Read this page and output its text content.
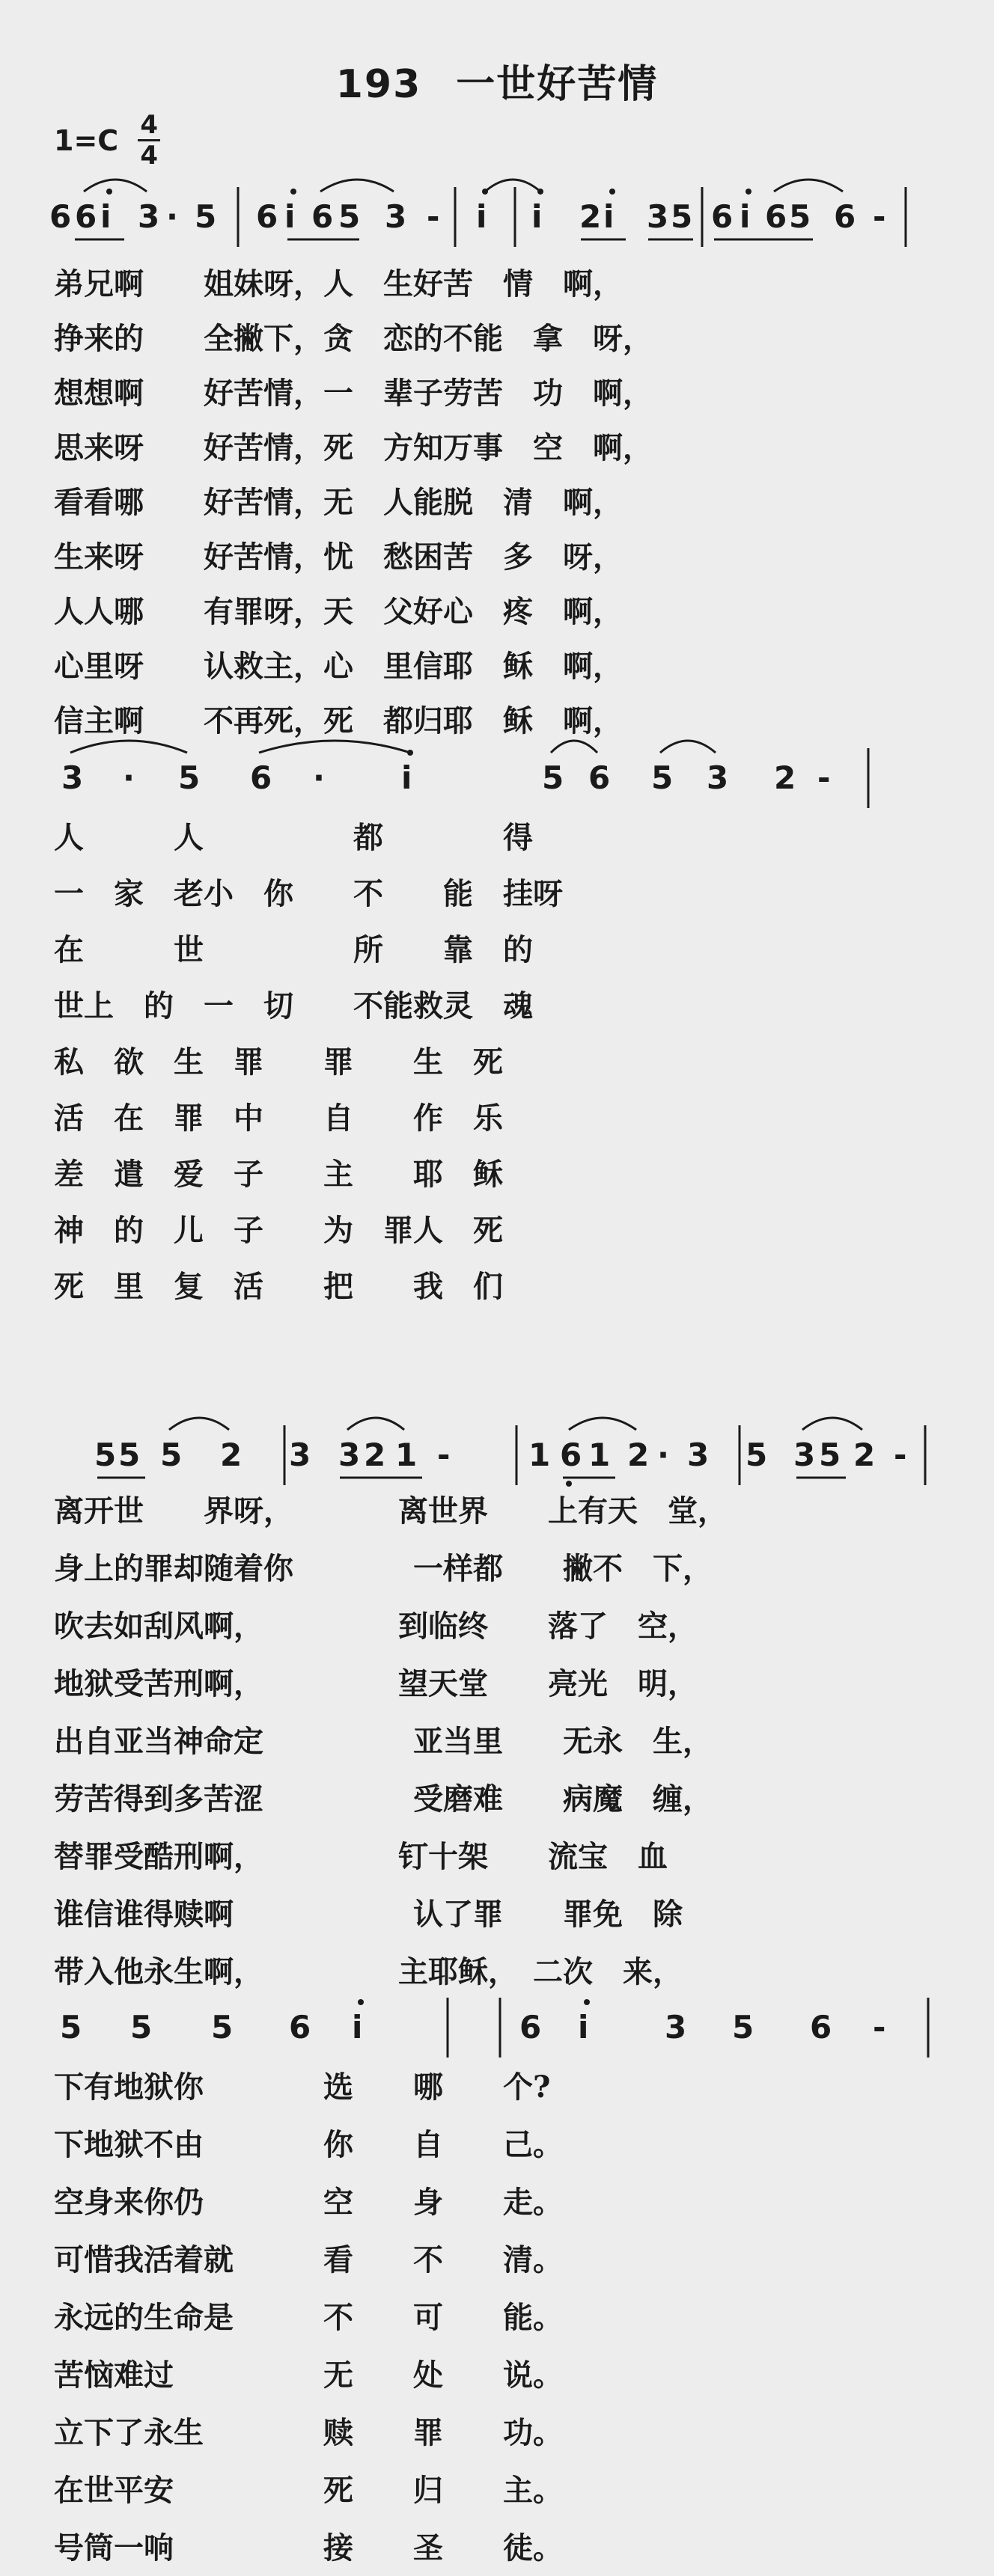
193 一世好苦情
1=C 4
4
6 6 i 3 · 5 6 i 6 5 3 - i i 2 i 3 5 6 i 6 5 6 -
弟兄啊　　姐妹呀，人　生好苦　情　啊，
挣来的　　全撇下，贪　恋的不能　拿　呀，
想想啊　　好苦情，一　辈子劳苦　功　啊，
思来呀　　好苦情，死　方知万事　空　啊，
看看哪　　好苦情，无　人能脱　清　啊，
生来呀　　好苦情，忧　愁困苦　多　呀，
人人哪　　有罪呀，天　父好心　疼　啊，
心里呀　　认救主，心　里信耶　稣　啊，
信主啊　　不再死，死　都归耶　稣　啊，
3 · 5 6 · i	5 6 5 3 2 -
人　　　人　　　　　都　　　　得
一　家　老小　你　　不　　能　挂呀
在　　　世　　　　　所　　靠　的
世上　的　一　切　　不能救灵　魂
私　欲　生　罪　　罪　　生　死
活　在　罪　中　　自　　作　乐
差　遣　爱　子　　主　　耶　稣
神　的　儿　子　　为　罪人　死
死　里　复　活　　把　　我　们
5 5 5 2 3 3 2 1 - 1 6 1 2 · 3 5 3 5 2 -
离开世　　界呀，　　　　离世界　　上有天　堂，
身上的罪却随着你　　　　一样都　　撇不　下，
吹去如刮风啊，　　　　　到临终　　落了　空，
地狱受苦刑啊，　　　　　望天堂　　亮光　明，
出自亚当神命定　　　　　亚当里　　无永　生，
劳苦得到多苦涩　　　　　受磨难　　病魔　缠，
替罪受酷刑啊，　　　　　钉十架　　流宝　血
谁信谁得赎啊　　　　　　认了罪　　罪免　除
带入他永生啊，　　　　　主耶稣，　二次　来，
5 5 5 6 i	6 i 3 5 6 -
下有地狱你　　　　选　　哪　　个?
下地狱不由　　　　你　　自　　己。
空身来你仍　　　　空　　身　　走。
可惜我活着就　　　看　　不　　清。
永远的生命是　　　不　　可　　能。
苦恼难过　　　　　无　　处　　说。
立下了永生　　　　赎　　罪　　功。
在世平安　　　　　死　　归　　主。
号筒一响　　　　　接　　圣　　徒。
